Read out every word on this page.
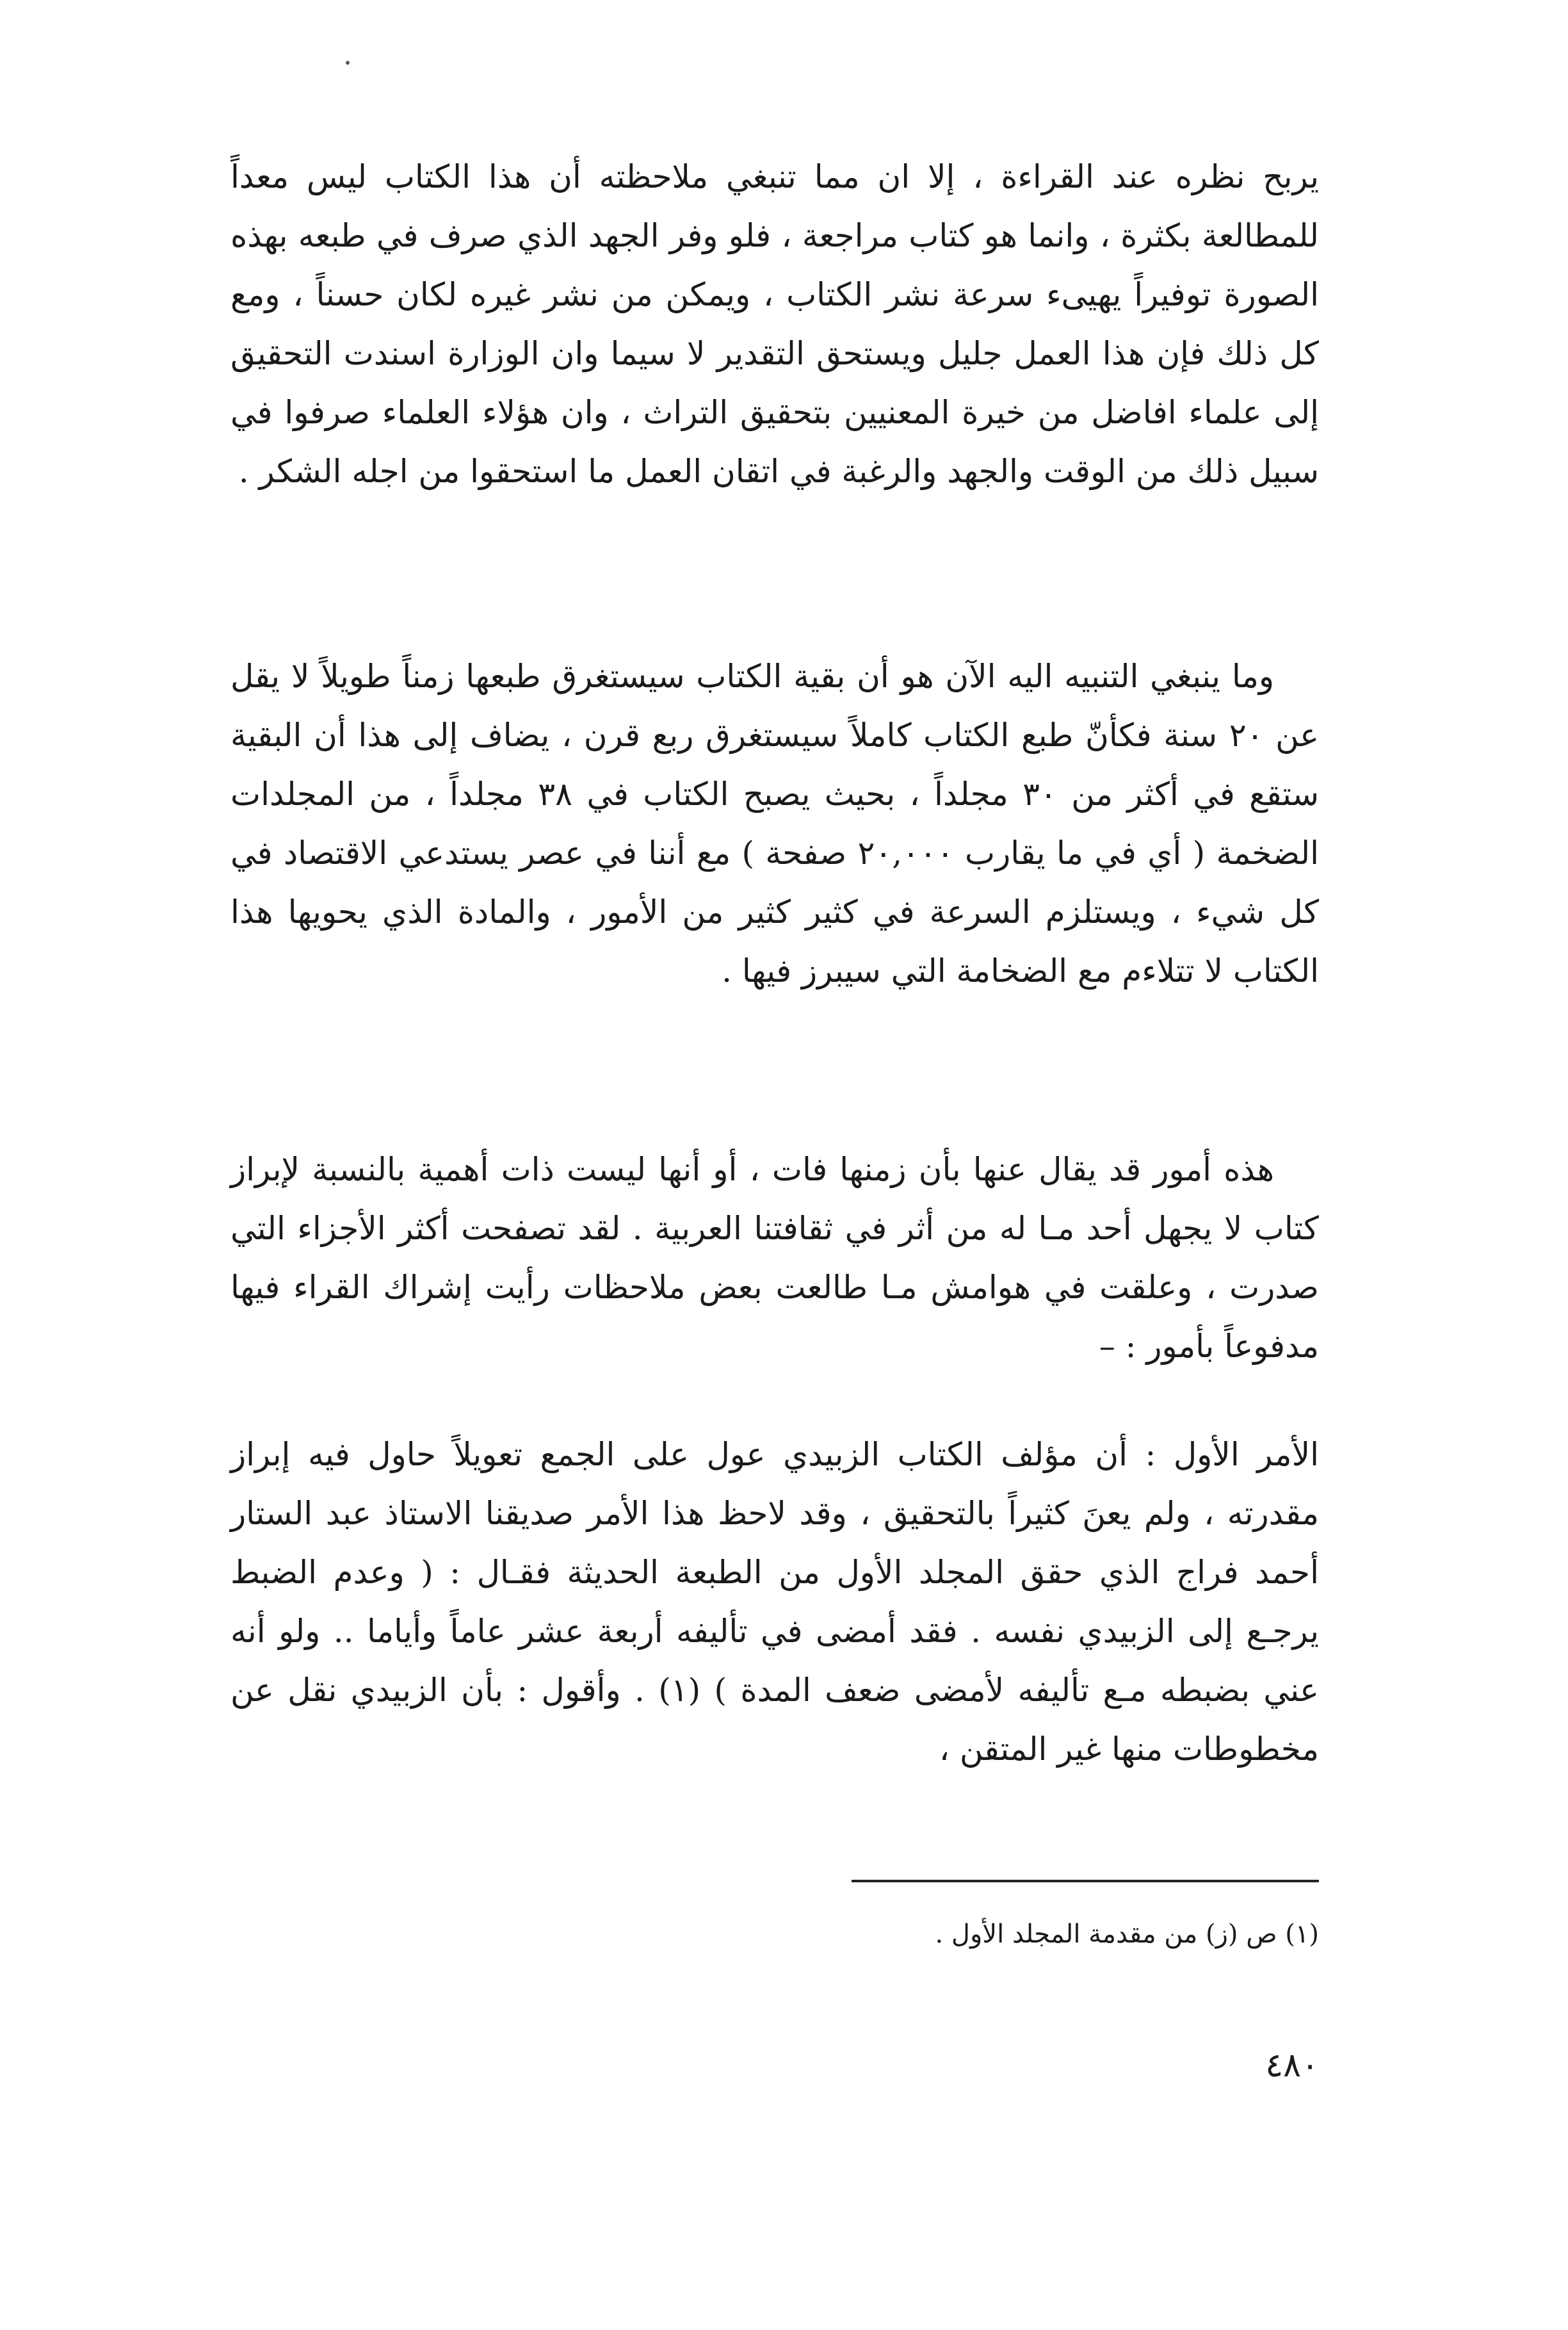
يربح نظره عند القراءة ، إلا ان مما تنبغي ملاحظته أن هذا الكتاب ليس معداً للمطالعة بكثرة ، وانما هو كتاب مراجعة ، فلو وفر الجهد الذي صرف في طبعه بهذه الصورة توفيراً يهيىء سرعة نشر الكتاب ، ويمكن من نشر غيره لكان حسناً ، ومع كل ذلك فإن هذا العمل جليل ويستحق التقدير لا سيما وان الوزارة اسندت التحقيق إلى علماء افاضل من خيرة المعنيين بتحقيق التراث ، وان هؤلاء العلماء صرفوا في سبيل ذلك من الوقت والجهد والرغبة في اتقان العمل ما استحقوا من اجله الشكر .

وما ينبغي التنبيه اليه الآن هو أن بقية الكتاب سيستغرق طبعها زمناً طويلاً لا يقل عن ٢٠ سنة فكأنّ طبع الكتاب كاملاً سيستغرق ربع قرن ، يضاف إلى هذا أن البقية ستقع في أكثر من ٣٠ مجلداً ، بحيث يصبح الكتاب في ٣٨ مجلداً ، من المجلدات الضخمة ( أي في ما يقارب ٢٠,٠٠٠ صفحة ) مع أننا في عصر يستدعي الاقتصاد في كل شيء ، ويستلزم السرعة في كثير كثير من الأمور ، والمادة الذي يحويها هذا الكتاب لا تتلاءم مع الضخامة التي سيبرز فيها .

هذه أمور قد يقال عنها بأن زمنها فات ، أو أنها ليست ذات أهمية بالنسبة لإبراز كتاب لا يجهل أحد مـا له من أثر في ثقافتنا العربية . لقد تصفحت أكثر الأجزاء التي صدرت ، وعلقت في هوامش مـا طالعت بعض ملاحظات رأيت إشراك القراء فيها مدفوعاً بأمور : –

الأمر الأول : أن مؤلف الكتاب الزبيدي عول على الجمع تعويلاً حاول فيه إبراز مقدرته ، ولم يعنَ كثيراً بالتحقيق ، وقد لاحظ هذا الأمر صديقنا الاستاذ عبد الستار أحمد فراج الذي حقق المجلد الأول من الطبعة الحديثة فقـال : ( وعدم الضبط يرجـع إلى الزبيدي نفسه . فقد أمضى في تأليفه أربعة عشر عاماً وأياما .. ولو أنه عني بضبطه مـع تأليفه لأمضى ضعف المدة ) (١) . وأقول : بأن الزبيدي نقل عن مخطوطات منها غير المتقن ،

(١) ص (ز) من مقدمة المجلد الأول .
٤٨٠
